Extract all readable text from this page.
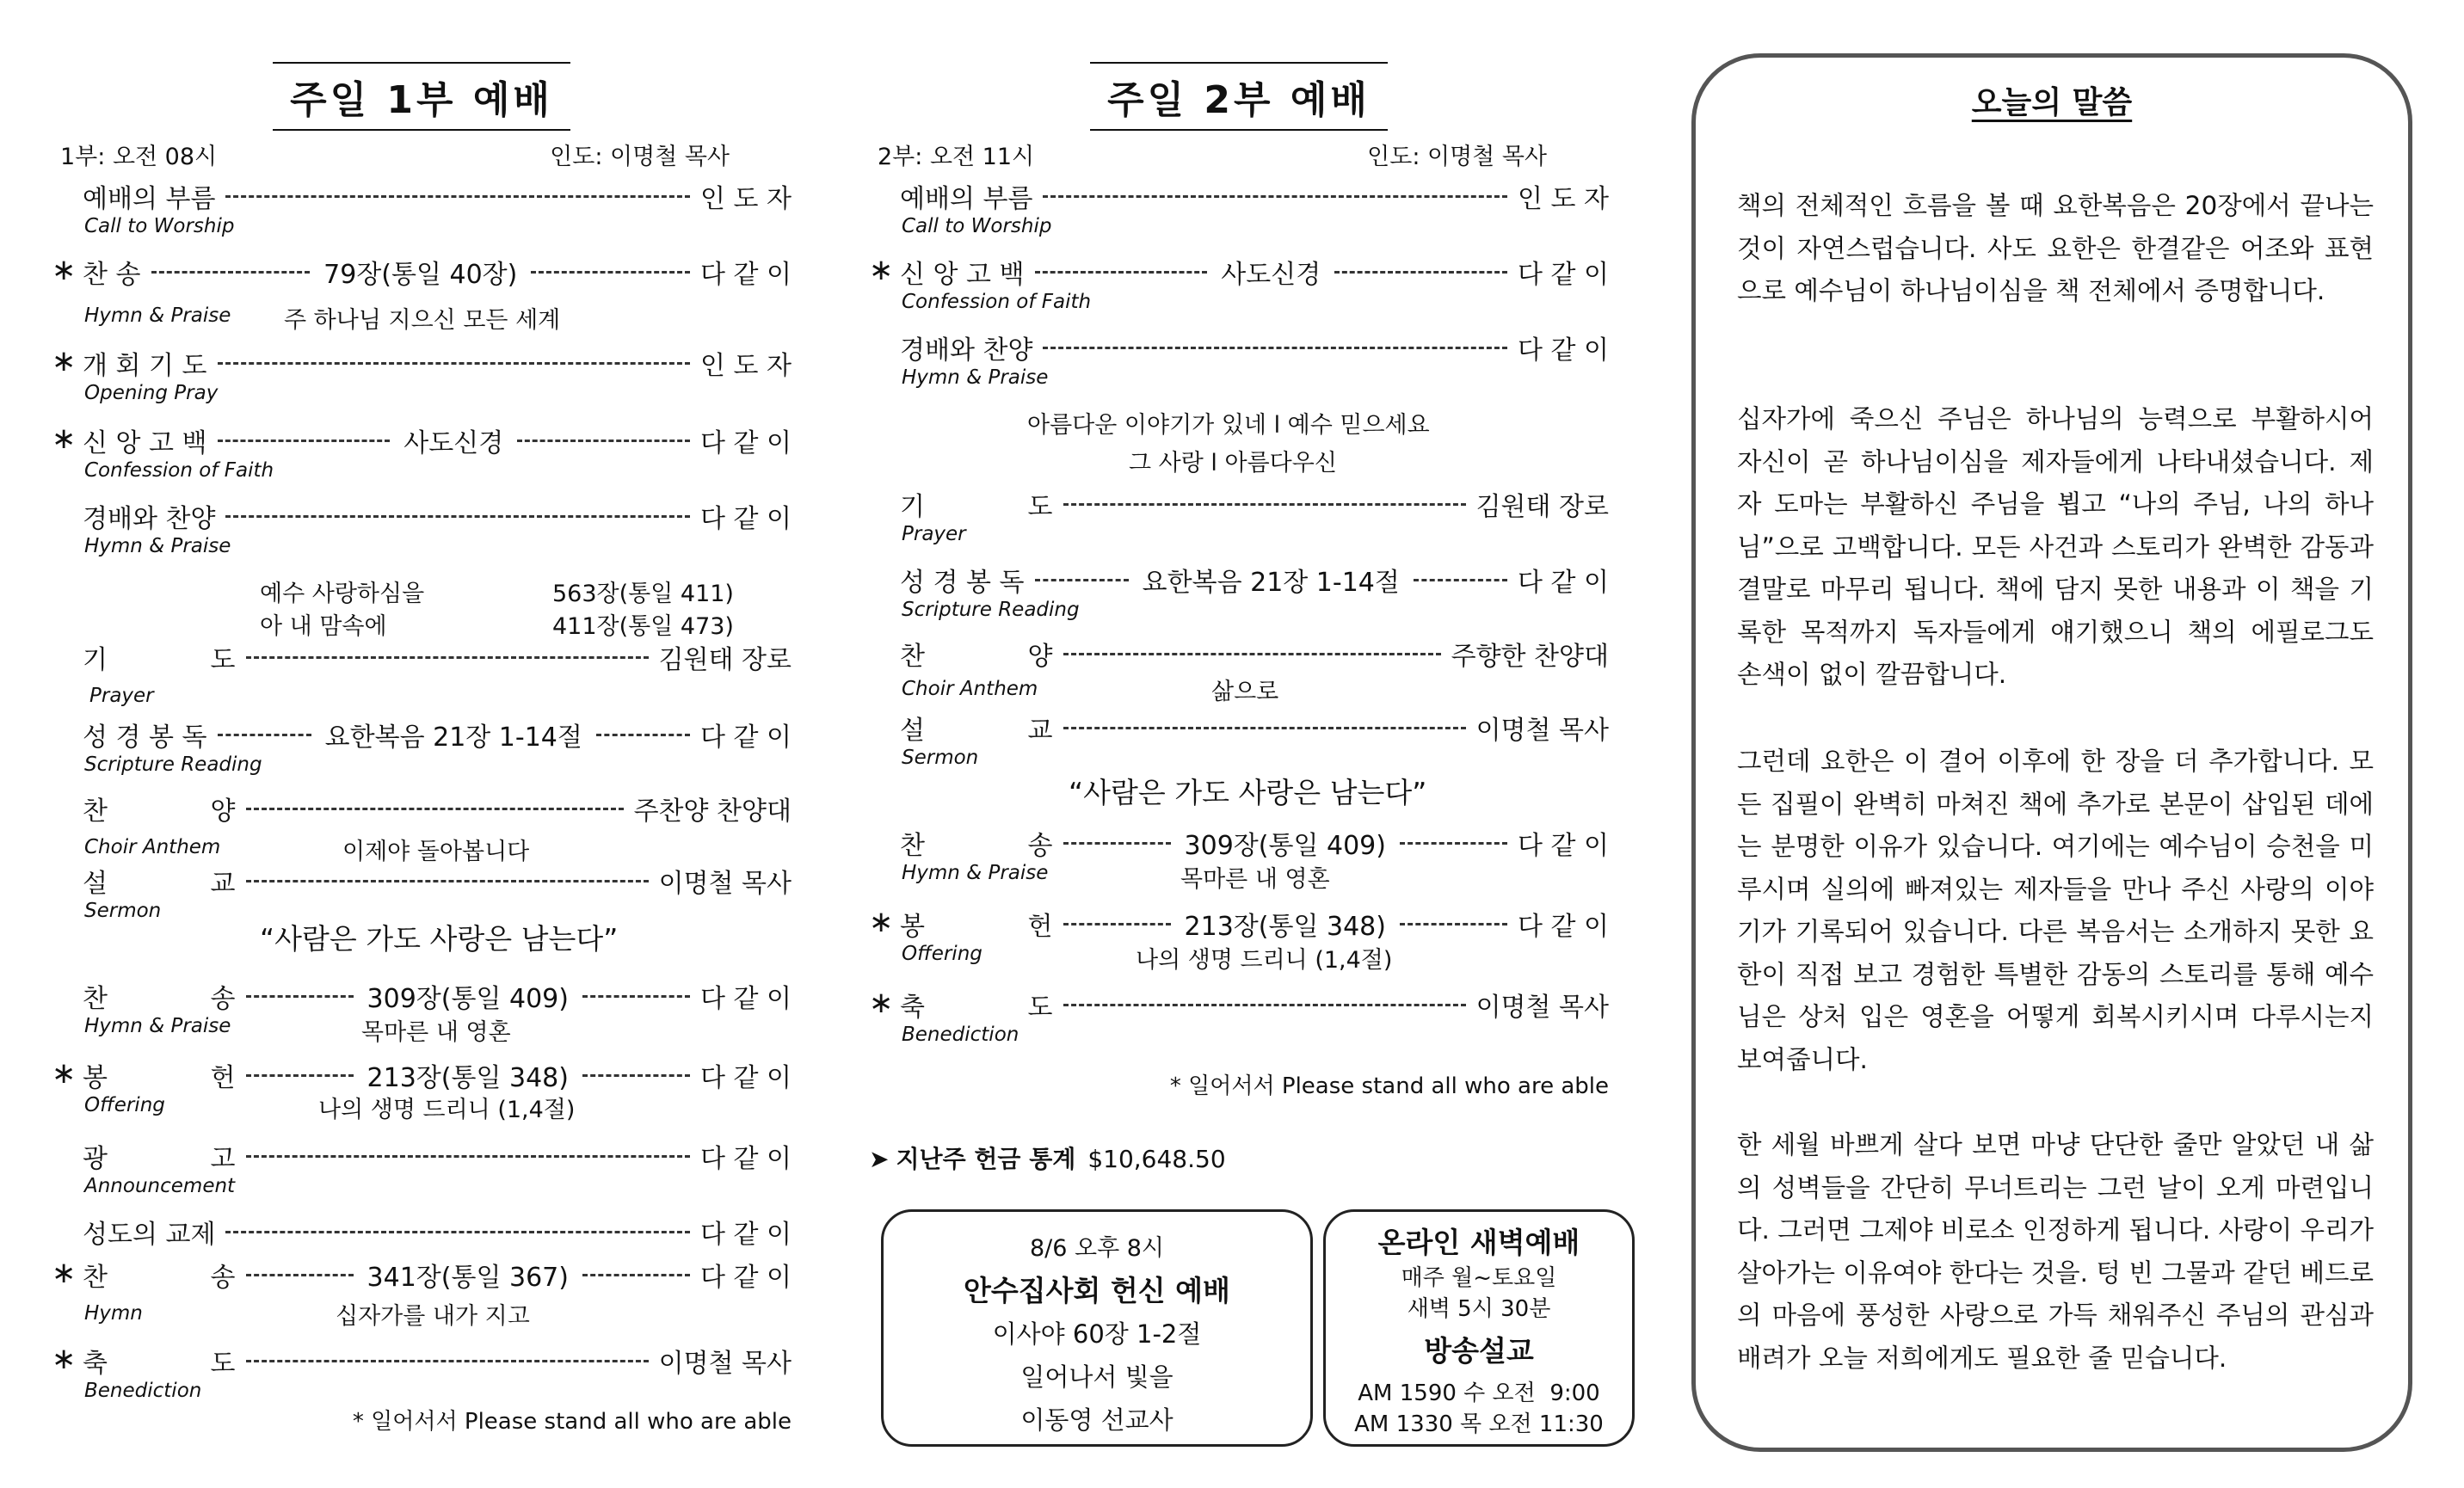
주일 1부 예배
1부: 오전 08시	인도: 이명철 목사
예배의 부름	인 도 자
Call to Worship
∗ 찬 송	79장(통일 40장)	다 같 이
Hymn & Praise 주 하나님 지으신 모든 세계
∗ 개 회 기 도	인 도 자
Opening Pray
∗ 신 앙 고 백	사도신경	다 같 이
Confession of Faith
경배와 찬양	다 같 이
Hymn & Praise
예수 사랑하심을	563장(통일 411)
아 내 맘속에	411장(통일 473)
기 도	김원태 장로
Prayer
성 경 봉 독	요한복음 21장 1-14절	다 같 이
Scripture Reading
찬 양	주찬양 찬양대
Choir Anthem	이제야 돌아봅니다
설 교	이명철 목사
Sermon
“사람은 가도 사랑은 남는다”
찬 송	309장(통일 409)	다 같 이
Hymn & Praise	목마른 내 영혼
∗ 봉 헌	213장(통일 348)	다 같 이
Offering	나의 생명 드리니 (1,4절)
광 고	다 같 이
Announcement
성도의 교제	다 같 이
∗ 찬 송	341장(통일 367)	다 같 이
Hymn	십자가를 내가 지고
∗ 축 도	이명철 목사
Benediction
* 일어서서 Please stand all who are able
주일 2부 예배
2부: 오전 11시	인도: 이명철 목사
예배의 부름	인 도 자
Call to Worship
∗ 신 앙 고 백	사도신경	다 같 이
Confession of Faith
경배와 찬양	다 같 이
Hymn & Praise
아름다운 이야기가 있네 l 예수 믿으세요
그 사랑 l 아름다우신
기 도	김원태 장로
Prayer
성 경 봉 독	요한복음 21장 1-14절	다 같 이
Scripture Reading
찬 양	주향한 찬양대
Choir Anthem	삶으로
설 교	이명철 목사
Sermon
“사람은 가도 사랑은 남는다”
찬 송	309장(통일 409)	다 같 이
Hymn & Praise	목마른 내 영혼
∗ 봉 헌	213장(통일 348)	다 같 이
Offering	나의 생명 드리니 (1,4절)
∗ 축 도	이명철 목사
Benediction
* 일어서서 Please stand all who are able
➤ 지난주 헌금 통계 $10,648.50
8/6 오후 8시
안수집사회 헌신 예배
이사야 60장 1-2절
일어나서 빛을
이동영 선교사
온라인 새벽예배
매주 월~토요일
새벽 5시 30분
방송설교
AM 1590 수 오전  9:00
AM 1330 목 오전 11:30
오늘의 말씀
책의 전체적인 흐름을 볼 때 요한복음은 20장에서 끝나는 것이 자연스럽습니다. 사도 요한은 한결같은 어조와 표현으로 예수님이 하나님이심을 책 전체에서 증명합니다.
십자가에 죽으신 주님은 하나님의 능력으로 부활하시어 자신이 곧 하나님이심을 제자들에게 나타내셨습니다. 제자 도마는 부활하신 주님을 뵙고 “나의 주님, 나의 하나님”으로 고백합니다. 모든 사건과 스토리가 완벽한 감동과 결말로 마무리 됩니다. 책에 담지 못한 내용과 이 책을 기록한 목적까지 독자들에게 얘기했으니 책의 에필로그도 손색이 없이 깔끔합니다.
그런데 요한은 이 결어 이후에 한 장을 더 추가합니다. 모든 집필이 완벽히 마쳐진 책에 추가로 본문이 삽입된 데에는 분명한 이유가 있습니다. 여기에는 예수님이 승천을 미루시며 실의에 빠져있는 제자들을 만나 주신 사랑의 이야기가 기록되어 있습니다. 다른 복음서는 소개하지 못한 요한이 직접 보고 경험한 특별한 감동의 스토리를 통해 예수님은 상처 입은 영혼을 어떻게 회복시키시며 다루시는지 보여줍니다.
한 세월 바쁘게 살다 보면 마냥 단단한 줄만 알았던 내 삶의 성벽들을 간단히 무너트리는 그런 날이 오게 마련입니다. 그러면 그제야 비로소 인정하게 됩니다. 사랑이 우리가 살아가는 이유여야 한다는 것을. 텅 빈 그물과 같던 베드로의 마음에 풍성한 사랑으로 가득 채워주신 주님의 관심과 배려가 오늘 저희에게도 필요한 줄 믿습니다.
